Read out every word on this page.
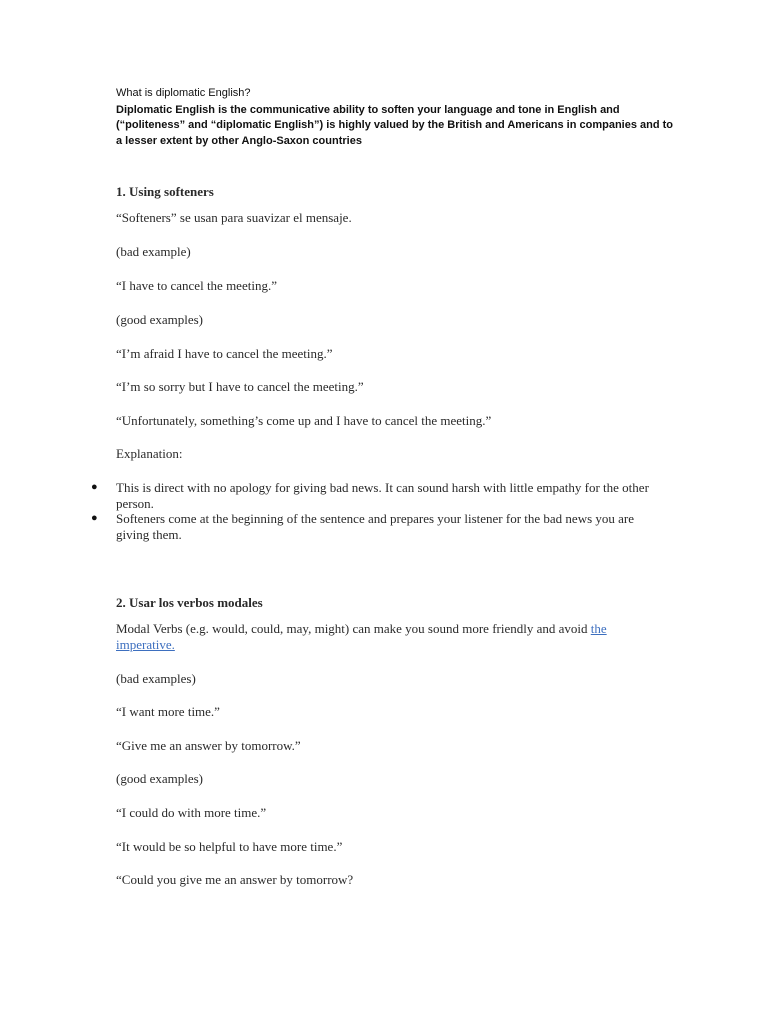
What is diplomatic English?

Diplomatic English is the communicative ability to soften your language and tone in English and (“politeness” and “diplomatic English”) is highly valued by the British and Americans in companies and to a lesser extent by other Anglo-Saxon countries

1. Using softeners

“Softeners” se usan para suavizar el mensaje.

(bad example)

“I have to cancel the meeting.”

(good examples)

“I’m afraid I have to cancel the meeting.”

“I’m so sorry but I have to cancel the meeting.”

“Unfortunately, something’s come up and I have to cancel the meeting.”

Explanation:

● This is direct with no apology for giving bad news. It can sound harsh with little empathy for the other person.
● Softeners come at the beginning of the sentence and prepares your listener for the bad news you are giving them.

2. Usar los verbos modales

Modal Verbs (e.g. would, could, may, might) can make you sound more friendly and avoid the imperative.

(bad examples)

“I want more time.”

“Give me an answer by tomorrow.”

(good examples)

“I could do with more time.”

“It would be so helpful to have more time.”

“Could you give me an answer by tomorrow?
